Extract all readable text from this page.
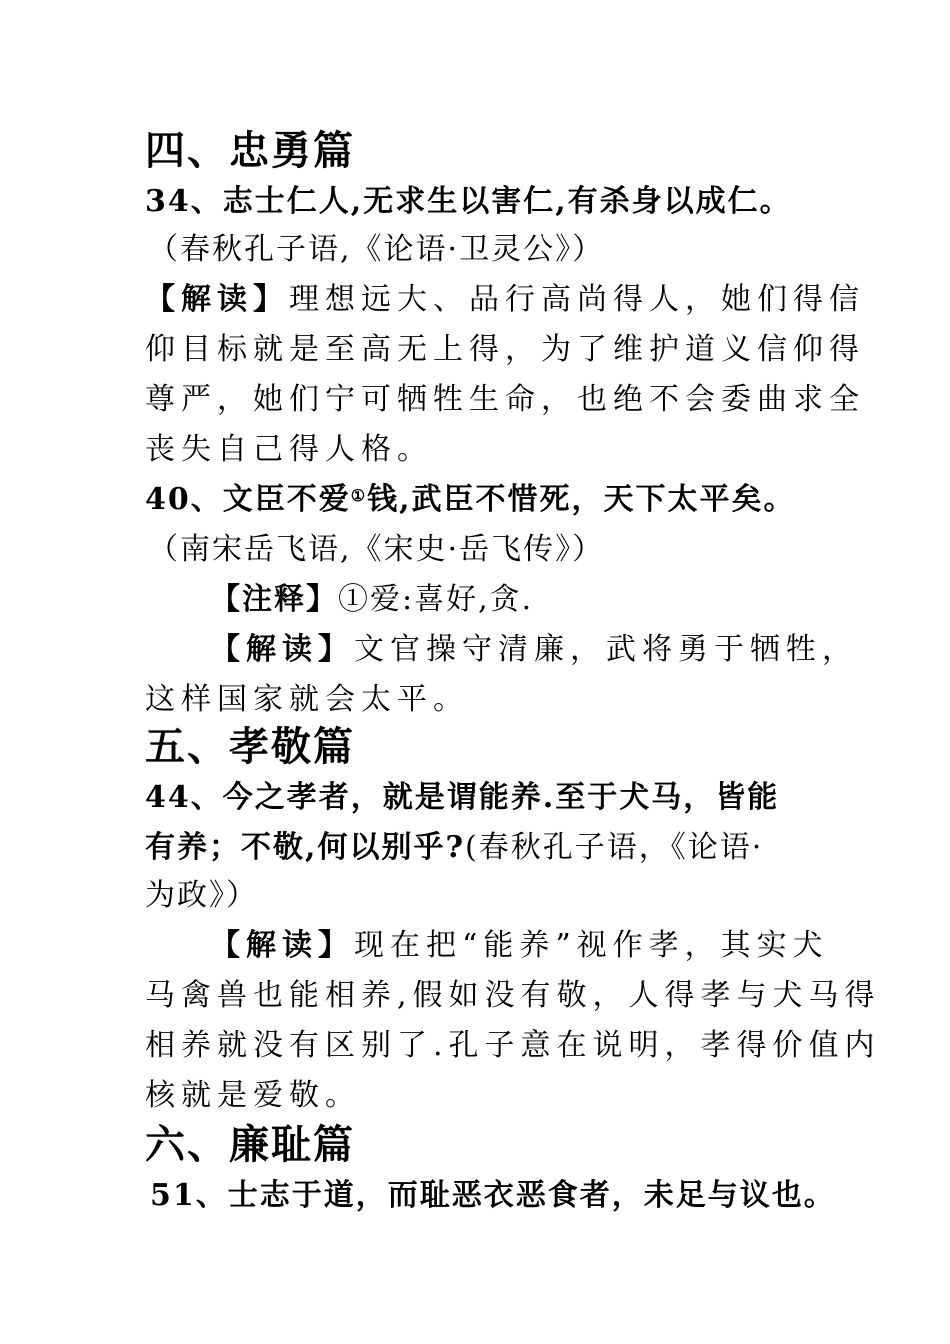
四、忠勇篇
34、志士仁人,无求生以害仁,有杀身以成仁。
（春秋孔子语,《论语·卫灵公》）
【解读】理想远大、品行高尚得人，她们得信
仰目标就是至高无上得，为了维护道义信仰得
尊严，她们宁可牺牲生命，也绝不会委曲求全
丧失自己得人格。
40、文臣不爱①钱,武臣不惜死，天下太平矣。
（南宋岳飞语,《宋史·岳飞传》）
【注释】①爱:喜好,贪.
【解读】文官操守清廉，武将勇于牺牲，
这样国家就会太平。
五、孝敬篇
44、今之孝者，就是谓能养.至于犬马，皆能
有养；不敬,何以别乎?(春秋孔子语，《论语·
为政》）
【解读】现在把“能养”视作孝，其实犬
马禽兽也能相养,假如没有敬，人得孝与犬马得
相养就没有区别了.孔子意在说明，孝得价值内
核就是爱敬。
六、廉耻篇
51、士志于道，而耻恶衣恶食者，未足与议也。
